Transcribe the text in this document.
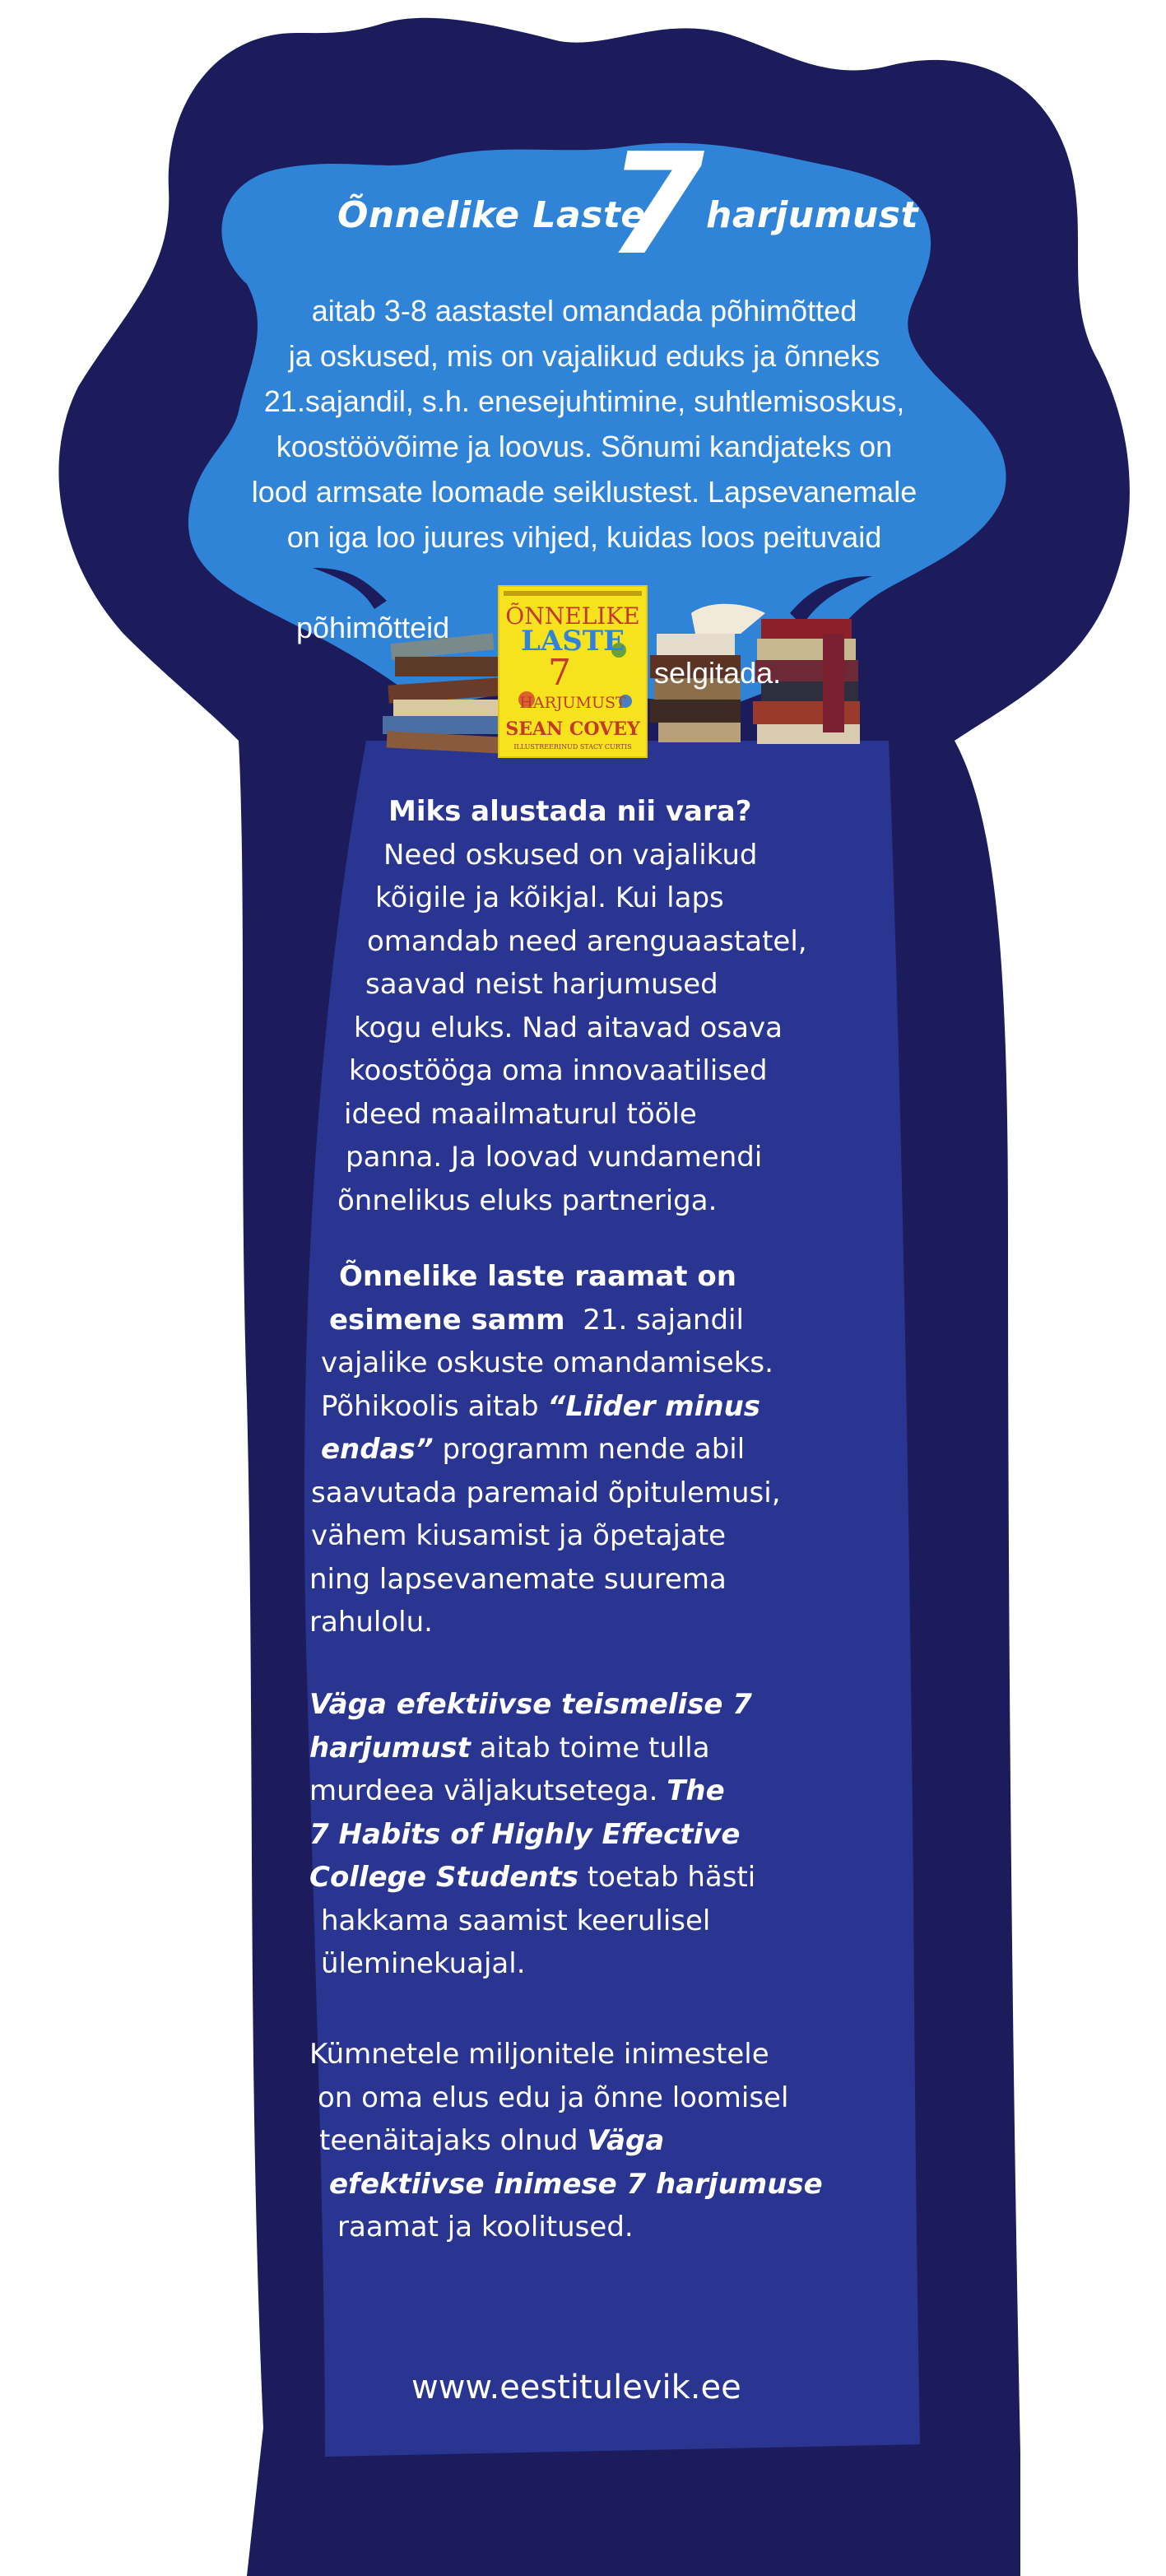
ÕNNELIKE
LASTE
7
HARJUMUST
SEAN COVEY
ILLUSTREERINUD STACY CURTIS
Õnnelike Laste
7 harjumust

aitab 3-8 aastastel omandada põhimõtted

ja oskused, mis on vajalikud eduks ja õnneks

21.sajandil, s.h. enesejuhtimine, suhtlemisoskus,

koostöövõime ja loovus. Sõnumi kandjateks on

lood armsate loomade seiklustest. Lapsevanemale

on iga loo juures vihjed, kuidas loos peituvaid

põhimõtteid

selgitada.

Miks alustada nii vara?

Need oskused on vajalikud

kõigile ja kõikjal. Kui laps

omandab need arenguaastatel,

saavad neist harjumused

kogu eluks. Nad aitavad osava

koostööga oma innovaatilised

ideed maailmaturul tööle

panna. Ja loovad vundamendi

õnnelikus eluks partneriga.

Õnnelike laste raamat on

esimene samm  21. sajandil

vajalike oskuste omandamiseks.

Põhikoolis aitab “Liider minus

endas” programm nende abil

saavutada paremaid õpitulemusi,

vähem kiusamist ja õpetajate

ning lapsevanemate suurema

rahulolu.

Väga efektiivse teismelise 7

harjumust aitab toime tulla

murdeea väljakutsetega. The

7 Habits of Highly Effective

College Students toetab hästi

hakkama saamist keerulisel

üleminekuajal.

Kümnetele miljonitele inimestele

on oma elus edu ja õnne loomisel

teenäitajaks olnud Väga

efektiivse inimese 7 harjumuse

raamat ja koolitused.

www.eestitulevik.ee
